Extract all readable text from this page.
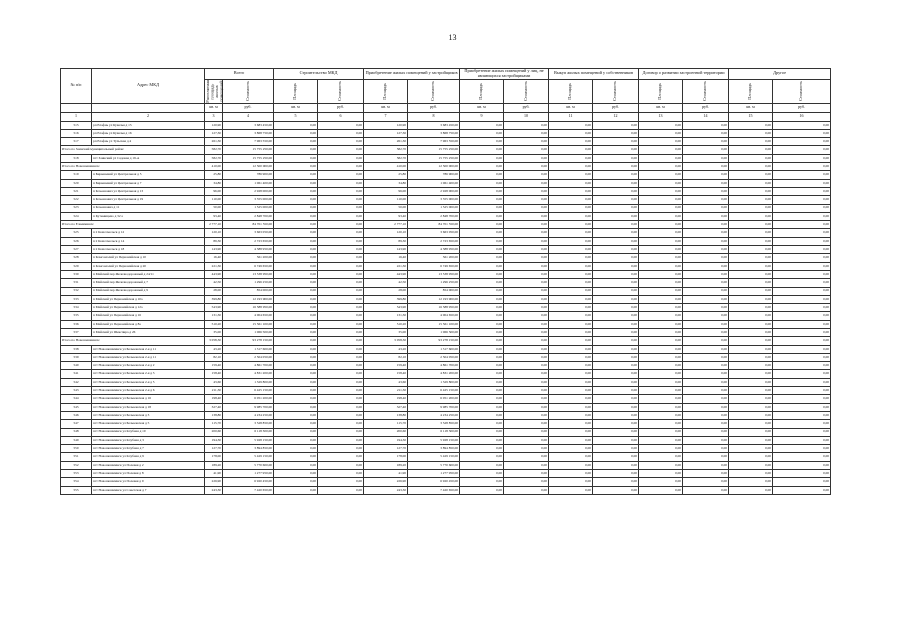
13
№ п/п	Адрес МКД	Всего		Строительство МКД		Приобретение жилых помещений у застройщиков		Приобретение жилых помещений у лиц, не являющихся застройщиками		Выкуп жилых помещений у собственников		Договор о развитии застроенной территории		Другое	

		Расселяемая площадь жилых помещений	Стоимость	Площадь	Стоимость	Площадь	Стоимость	Площадь	Стоимость	Площадь	Стоимость	Площадь	Стоимость	Площадь	Стоимость

		кв. м	руб.	кв. м	руб.	кв. м	руб.	кв. м	руб.	кв. м	руб.	кв. м	руб.	кв. м	руб.
1	2	3	4	5	6	7	8	9	10	11	12	13	14	15	16
515	рп Елафнь ул Кувалья д 15	120,90	3 683 450,00	0,00	0,00	120,90	3 683 450,00	0,00	0,00	0,00	0,00	0,00	0,00	0,00	0,00
516	рп Елафнь ул Кувалья д 16	127,30	3 868 750,00	0,00	0,00	127,30	3 868 750,00	0,00	0,00	0,00	0,00	0,00	0,00	0,00	0,00
517	рп Елафнь ул Тульская д 4	261,30	7 963 550,00	0,00	0,00	261,30	7 963 550,00	0,00	0,00	0,00	0,00	0,00	0,00	0,00	0,00
Итого по Заинский муниципальный район:		582,70	15 755 250,00	0,00	0,00	582,70	15 755 250,00	0,00	0,00	0,00	0,00	0,00	0,00	0,00	0,00
518	пгт Заинский ул Садовая д 19-А	582,70	15 755 250,00	0,00	0,00	582,70	15 755 250,00	0,00	0,00	0,00	0,00	0,00	0,00	0,00	0,00
Итого по Новошешминск:		410,00	12 500 000,00	0,00	0,00	410,00	12 500 000,00	0,00	0,00	0,00	0,00	0,00	0,00	0,00	0,00
519	п Биркеневий ул Центральная д 5	25,80	786 900,00	0,00	0,00	25,80	786 900,00	0,00	0,00	0,00	0,00	0,00	0,00	0,00	0,00
520	п Биркеневий ул Центральная д 7	34,80	1 061 400,00	0,00	0,00	34,80	1 061 400,00	0,00	0,00	0,00	0,00	0,00	0,00	0,00	0,00
521	п Кочеенович ул Центральная д 13	96,00	2 928 000,00	0,00	0,00	96,00	2 928 000,00	0,00	0,00	0,00	0,00	0,00	0,00	0,00	0,00
522	п Кочеенович ул Центральная д 19	110,00	3 355 000,00	0,00	0,00	110,00	3 355 000,00	0,00	0,00	0,00	0,00	0,00	0,00	0,00	0,00
523	п Кочеенович д 11	50,00	1 525 000,00	0,00	0,00	50,00	1 525 000,00	0,00	0,00	0,00	0,00	0,00	0,00	0,00	0,00
524	п Кутьмищево д 32 а	93,40	2 848 700,00	0,00	0,00	93,40	2 848 700,00	0,00	0,00	0,00	0,00	0,00	0,00	0,00	0,00
Итого по Елаевминск:		2 777,10	84 701 550,00	0,00	0,00	2 777,10	84 701 550,00	0,00	0,00	0,00	0,00	0,00	0,00	0,00	0,00
525	п 2 Комсомольск д 12	120,10	3 663 050,00	0,00	0,00	120,10	3 663 050,00	0,00	0,00	0,00	0,00	0,00	0,00	0,00	0,00
526	п 2 Комсомольск д 14	89,30	2 723 650,00	0,00	0,00	89,30	2 723 650,00	0,00	0,00	0,00	0,00	0,00	0,00	0,00	0,00
527	п 2 Комсомольск д 18	143,90	4 388 950,00	0,00	0,00	143,90	4 388 950,00	0,00	0,00	0,00	0,00	0,00	0,00	0,00	0,00
528	п Комсомолий ул Первомайская д 10	16,40	561 200,00	0,00	0,00	16,40	561 200,00	0,00	0,00	0,00	0,00	0,00	0,00	0,00	0,00
529	п Комсомолий ул Первомайская д 20	221,30	6 749 650,00	0,00	0,00	221,30	6 749 650,00	0,00	0,00	0,00	0,00	0,00	0,00	0,00	0,00
530	п Майский пер Железнодорожный д 24/11	443,90	13 538 950,00	0,00	0,00	443,90	13 538 950,00	0,00	0,00	0,00	0,00	0,00	0,00	0,00	0,00
531	п Майский пер Железнодорожный д 7	42,50	1 296 250,00	0,00	0,00	42,50	1 296 250,00	0,00	0,00	0,00	0,00	0,00	0,00	0,00	0,00
532	п Майский пер Железнодорожный д 9	28,00	854 000,00	0,00	0,00	28,00	854 000,00	0,00	0,00	0,00	0,00	0,00	0,00	0,00	0,00
533	п Майский ул Первомайская д 10а	399,80	12 193 900,00	0,00	0,00	399,80	12 193 900,00	0,00	0,00	0,00	0,00	0,00	0,00	0,00	0,00
534	п Майский ул Первомайская д 12а	543,90	16 588 950,00	0,00	0,00	543,90	16 588 950,00	0,00	0,00	0,00	0,00	0,00	0,00	0,00	0,00
535	п Майский ул Первомайская д 16	131,30	4 004 650,00	0,00	0,00	131,30	4 004 650,00	0,00	0,00	0,00	0,00	0,00	0,00	0,00	0,00
536	п Майский ул Первомайская д 8а	510,20	15 561 100,00	0,00	0,00	510,20	15 561 100,00	0,00	0,00	0,00	0,00	0,00	0,00	0,00	0,00
537	п Майский ул Шекспира д 26	35,00	1 066 500,00	0,00	0,00	35,00	1 066 500,00	0,00	0,00	0,00	0,00	0,00	0,00	0,00	0,00
Итого по Новошешминск:		3 058,30	93 278 150,00	0,00	0,00	3 058,30	93 278 150,00	0,00	0,00	0,00	0,00	0,00	0,00	0,00	0,00
538	пгт Новошешминск ул Бельковская 2-я д 11	43,20	1 317 600,00	0,00	0,00	43,20	1 317 600,00	0,00	0,00	0,00	0,00	0,00	0,00	0,00	0,00
539	пгт Новошешминск ул Бельковская 2-я д 11	82,10	2 504 050,00	0,00	0,00	82,10	2 504 050,00	0,00	0,00	0,00	0,00	0,00	0,00	0,00	0,00
540	пгт Новошешминск ул Бельковская 2-я д 2	159,40	4 861 700,00	0,00	0,00	159,40	4 861 700,00	0,00	0,00	0,00	0,00	0,00	0,00	0,00	0,00
541	пгт Новошешминск ул Бельковская 2-я д 3	158,40	4 831 200,00	0,00	0,00	158,40	4 831 200,00	0,00	0,00	0,00	0,00	0,00	0,00	0,00	0,00
542	пгт Новошешминск ул Бельковская 2-я д 5	43,60	1 329 800,00	0,00	0,00	43,60	1 329 800,00	0,00	0,00	0,00	0,00	0,00	0,00	0,00	0,00
543	пгт Новошешминск ул Бельковская 2-я д 6	211,30	6 425 150,00	0,00	0,00	211,30	6 425 150,00	0,00	0,00	0,00	0,00	0,00	0,00	0,00	0,00
544	пгт Новошешминск ул Бельковская д 16	198,40	6 051 200,00	0,00	0,00	198,40	6 051 200,00	0,00	0,00	0,00	0,00	0,00	0,00	0,00	0,00
545	пгт Новошешминск ул Бельковская д 18	327,40	9 985 700,00	0,00	0,00	327,40	9 985 700,00	0,00	0,00	0,00	0,00	0,00	0,00	0,00	0,00
546	пгт Новошешминск ул Бельковская д 3	138,80	4 234 250,00	0,00	0,00	138,80	4 234 250,00	0,00	0,00	0,00	0,00	0,00	0,00	0,00	0,00
547	пгт Новошешминск ул Бельковская д 5	115,70	3 528 850,00	0,00	0,00	115,70	3 528 850,00	0,00	0,00	0,00	0,00	0,00	0,00	0,00	0,00
548	пгт Новошешминск ул Клубная д 10	200,60	6 118 300,00	0,00	0,00	200,60	6 118 300,00	0,00	0,00	0,00	0,00	0,00	0,00	0,00	0,00
549	пгт Новошешминск ул Клубная д 3	194,30	5 928 150,00	0,00	0,00	194,30	5 928 150,00	0,00	0,00	0,00	0,00	0,00	0,00	0,00	0,00
550	пгт Новошешминск ул Клубная д 7	127,70	3 894 850,00	0,00	0,00	127,70	3 894 850,00	0,00	0,00	0,00	0,00	0,00	0,00	0,00	0,00
551	пгт Новошешминск ул Клубная д 9	178,00	5 429 150,00	0,00	0,00	178,00	5 429 150,00	0,00	0,00	0,00	0,00	0,00	0,00	0,00	0,00
552	пгт Новошешминск ул Полевая д 2	189,20	5 770 600,00	0,00	0,00	189,20	5 770 600,00	0,00	0,00	0,00	0,00	0,00	0,00	0,00	0,00
553	пгт Новошешминск ул Полевая д 8	41,90	1 277 950,00	0,00	0,00	41,90	1 277 950,00	0,00	0,00	0,00	0,00	0,00	0,00	0,00	0,00
554	пгт Новошешминск ул Полевая д 9	226,90	6 920 450,00	0,00	0,00	226,90	6 920 450,00	0,00	0,00	0,00	0,00	0,00	0,00	0,00	0,00
555	пгт Новошешминск ул Советская д 7	243,30	7 420 650,00	0,00	0,00	243,30	7 420 650,00	0,00	0,00	0,00	0,00	0,00	0,00	0,00	0,00
